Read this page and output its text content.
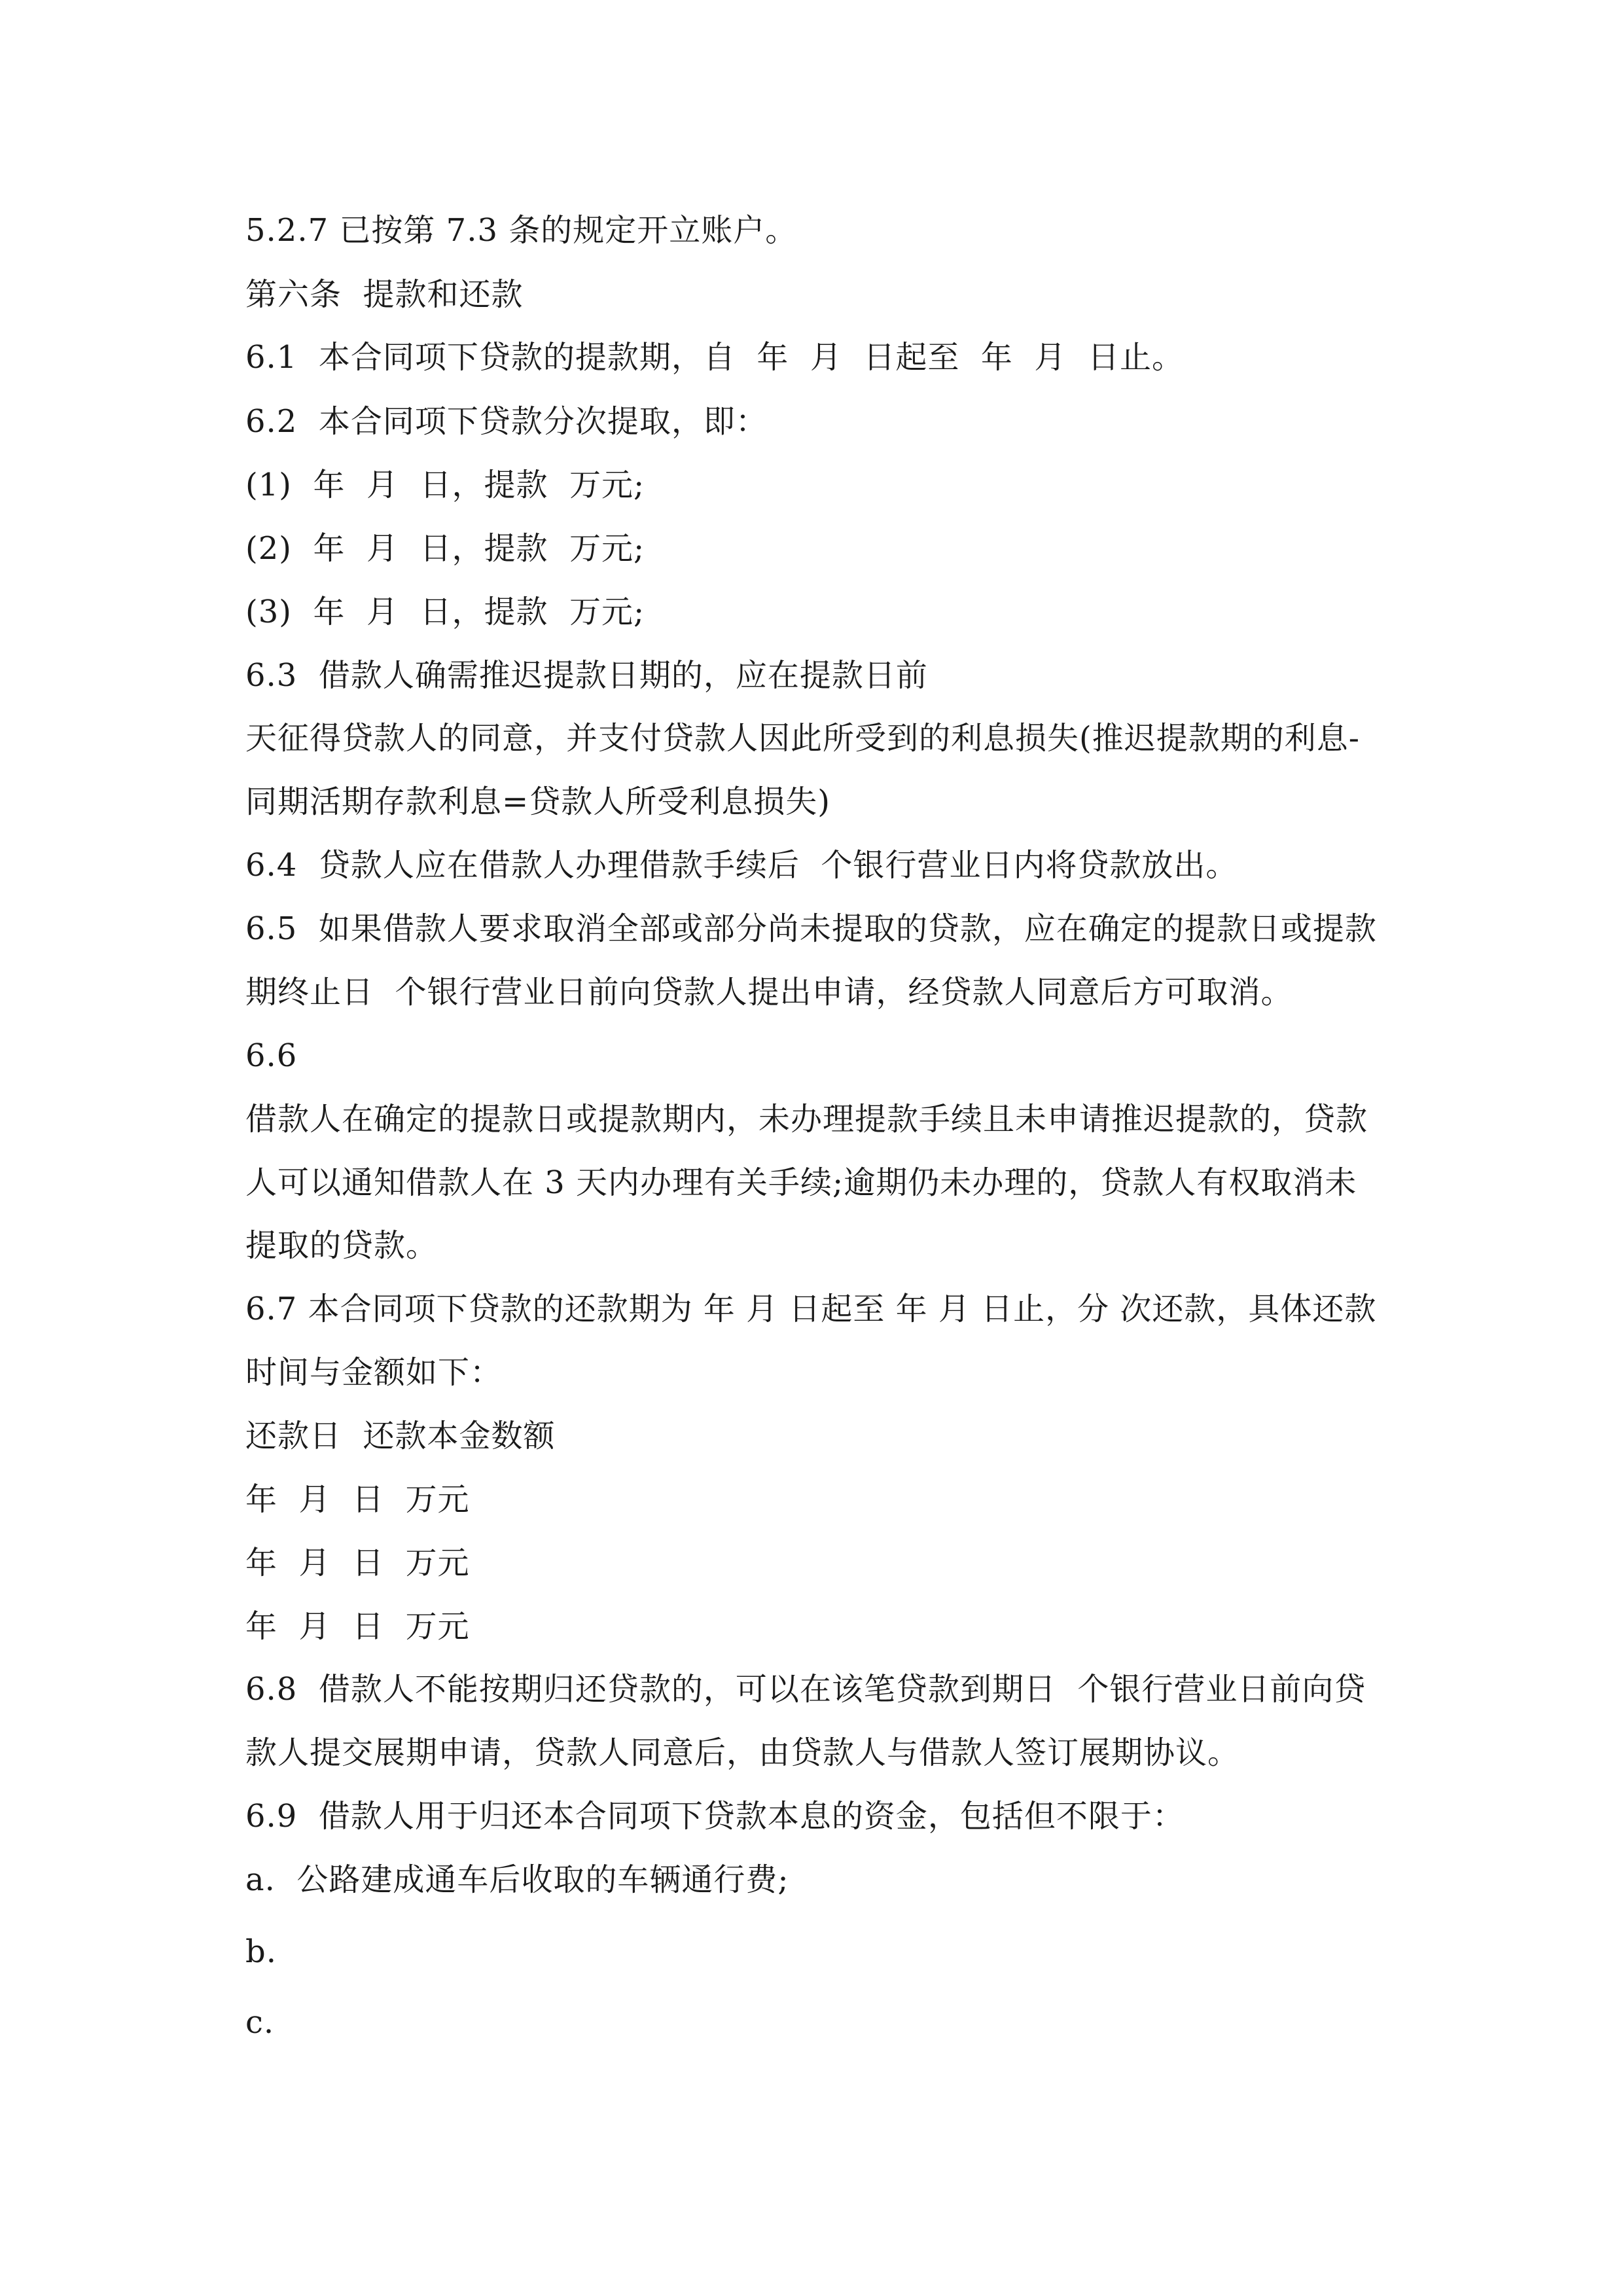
5.2.7 已按第 7.3 条的规定开立账户。
第六条  提款和还款
6.1  本合同项下贷款的提款期，自  年  月  日起至  年  月  日止。
6.2  本合同项下贷款分次提取，即：
(1)  年  月  日，提款  万元;
(2)  年  月  日，提款  万元;
(3)  年  月  日，提款  万元;
6.3  借款人确需推迟提款日期的，应在提款日前
天征得贷款人的同意，并支付贷款人因此所受到的利息损失(推迟提款期的利息-
同期活期存款利息=贷款人所受利息损失)
6.4  贷款人应在借款人办理借款手续后  个银行营业日内将贷款放出。
6.5  如果借款人要求取消全部或部分尚未提取的贷款，应在确定的提款日或提款
期终止日  个银行营业日前向贷款人提出申请，经贷款人同意后方可取消。
6.6
借款人在确定的提款日或提款期内，未办理提款手续且未申请推迟提款的，贷款
人可以通知借款人在 3 天内办理有关手续;逾期仍未办理的，贷款人有权取消未
提取的贷款。
6.7 本合同项下贷款的还款期为 年 月 日起至 年 月 日止，分 次还款，具体还款
时间与金额如下：
还款日  还款本金数额
年  月  日  万元
年  月  日  万元
年  月  日  万元
6.8  借款人不能按期归还贷款的，可以在该笔贷款到期日  个银行营业日前向贷
款人提交展期申请，贷款人同意后，由贷款人与借款人签订展期协议。
6.9  借款人用于归还本合同项下贷款本息的资金，包括但不限于：
a.  公路建成通车后收取的车辆通行费;
b.
c.
